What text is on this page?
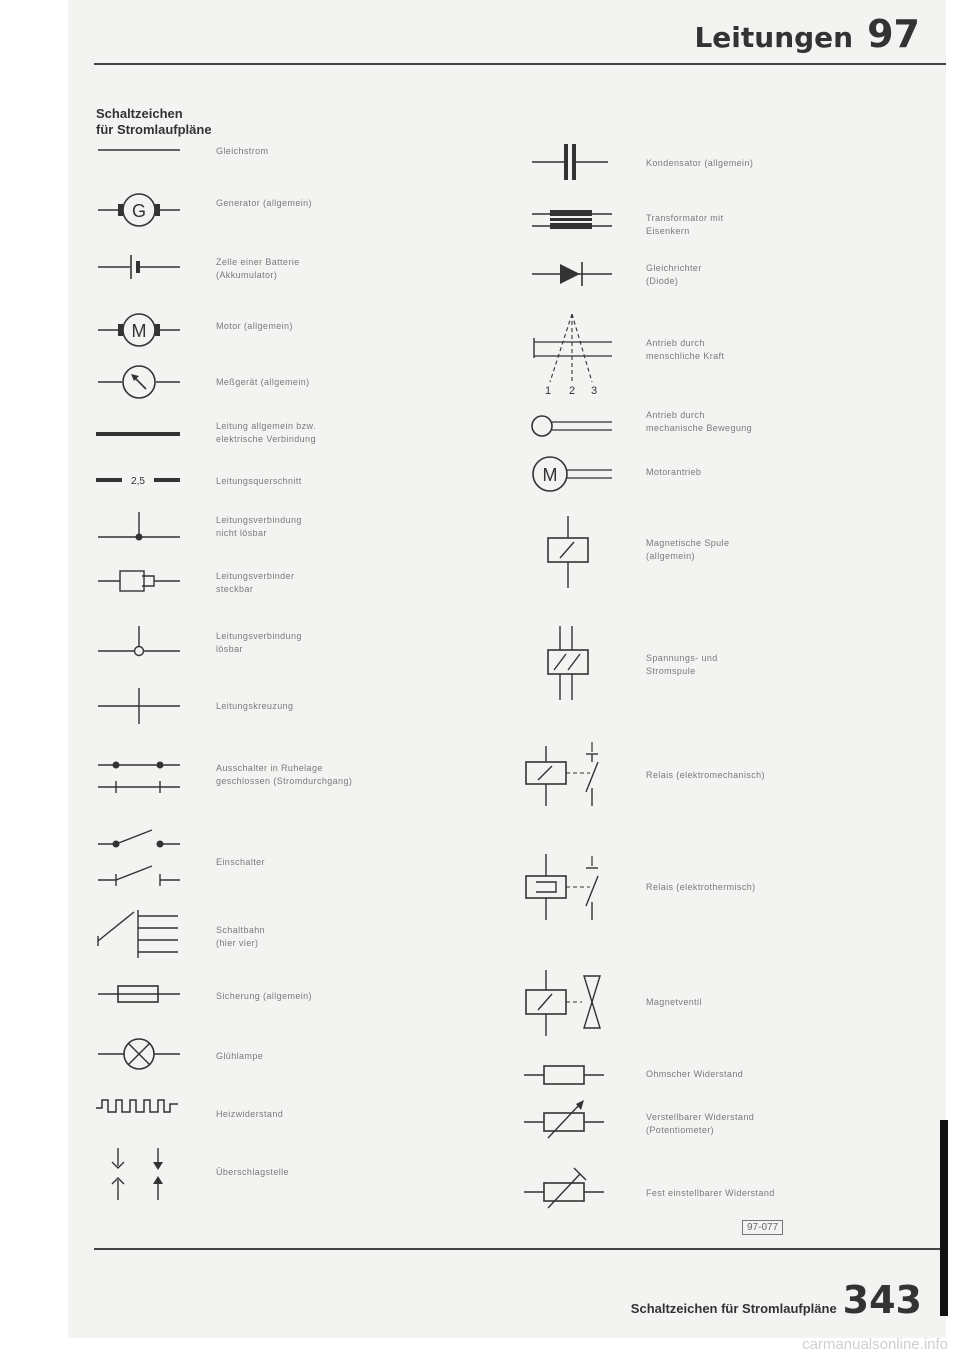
Leitungen 97
Schaltzeichen
für Stromlaufpläne
Gleichstrom
G	Generator (allgemein)
Zelle einer Batterie
(Akkumulator)
M	Motor (allgemein)
Meßgerät (allgemein)
Leitung allgemein bzw.
elektrische Verbindung
2,5	Leitungsquerschnitt
Leitungsverbindung
nicht lösbar
Leitungsverbinder
steckbar
Leitungsverbindung
lösbar
Leitungskreuzung
Ausschalter in Ruhelage
geschlossen (Stromdurchgang)
Einschalter
Schaltbahn
(hier vier)
Sicherung (allgemein)
Glühlampe
Heizwiderstand
Überschlagstelle
Kondensator (allgemein)
Transformator mit
Eisenkern
Gleichrichter
(Diode)
1 2 3
Antrieb durch
menschliche Kraft
Antrieb durch
mechanische Bewegung
M	Motorantrieb
Magnetische Spule
(allgemein)
Spannungs- und
Stromspule
Relais (elektromechanisch)
Relais (elektrothermisch)
Magnetventil
Ohmscher Widerstand
Verstellbarer Widerstand
(Potentiometer)
Fest einstellbarer Widerstand
97-077
Schaltzeichen für Stromlaufpläne 343
carmanualsonline.info
